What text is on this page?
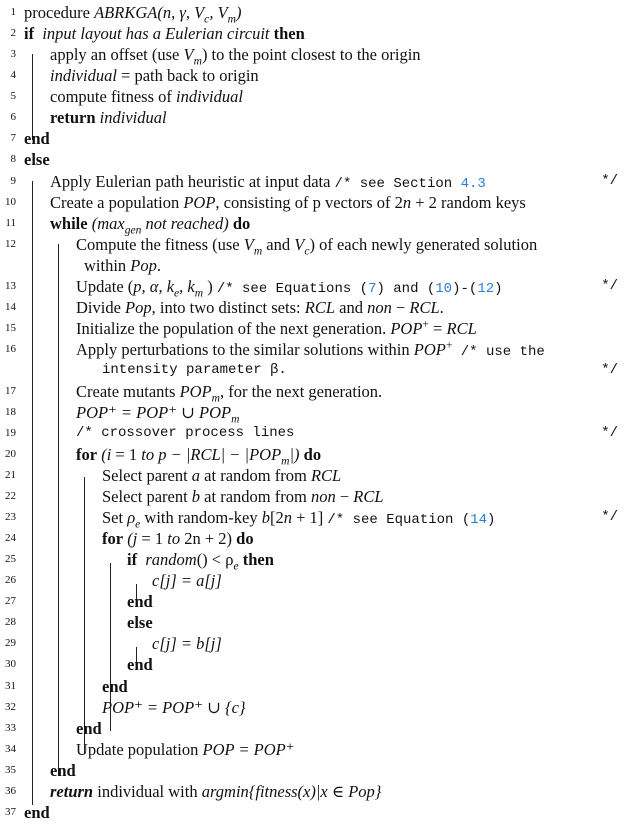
1 procedure ABRKGA(n, γ, $V_c$, $V_m$)
2 if input layout has a Eulerian circuit then
3 apply an offset (use $V_m$) to the point closest to the origin
4 individual = path back to origin
5 compute fitness of individual
6 return individual
7 end
8 else
9 Apply Eulerian path heuristic at input data /* see Section 4.3	*/
10 Create a population POP, consisting of p vectors of 2n + 2 random keys
11 while ($\max_{gen}$ not reached) do
12	Compute the fitness (use $V_m$ and $V_c$) of each newly generated solution
within Pop.
13	Update (p, α, $k_e$, $k_m$ ) /* see Equations (7) and (10)-(12)	*/
14	Divide Pop, into two distinct sets: RCL and non − RCL.
15	Initialize the population of the next generation. POP+ = RCL
16	Apply perturbations to the similar solutions within POP+ /* use the
intensity parameter β.	*/
17	Create mutants $POP_m$, for the next generation.
18	POP⁺ = POP⁺ ∪ $POP_m$
19	/* crossover process lines	*/
20	for (i = 1 to $p - |RCL| - |POP_m|$) do
21	Select parent a at random from RCL
22	Select parent b at random from non − RCL
23	Set $\rho_e$ with random-key b[2n + 1] /* see Equation (14)	*/
24	for (j = 1 to 2n + 2) do
25	if random() < $\rho_e$ then
26	c[j] = a[j]
27	end
28	else
29	c[j] = b[j]
30	end
31	end
32	POP⁺ = POP⁺ ∪ {c}
33	end
34	Update population POP = POP⁺
35 end
36 return individual with argmin{fitness(x)|x ∈ Pop}
37 end
